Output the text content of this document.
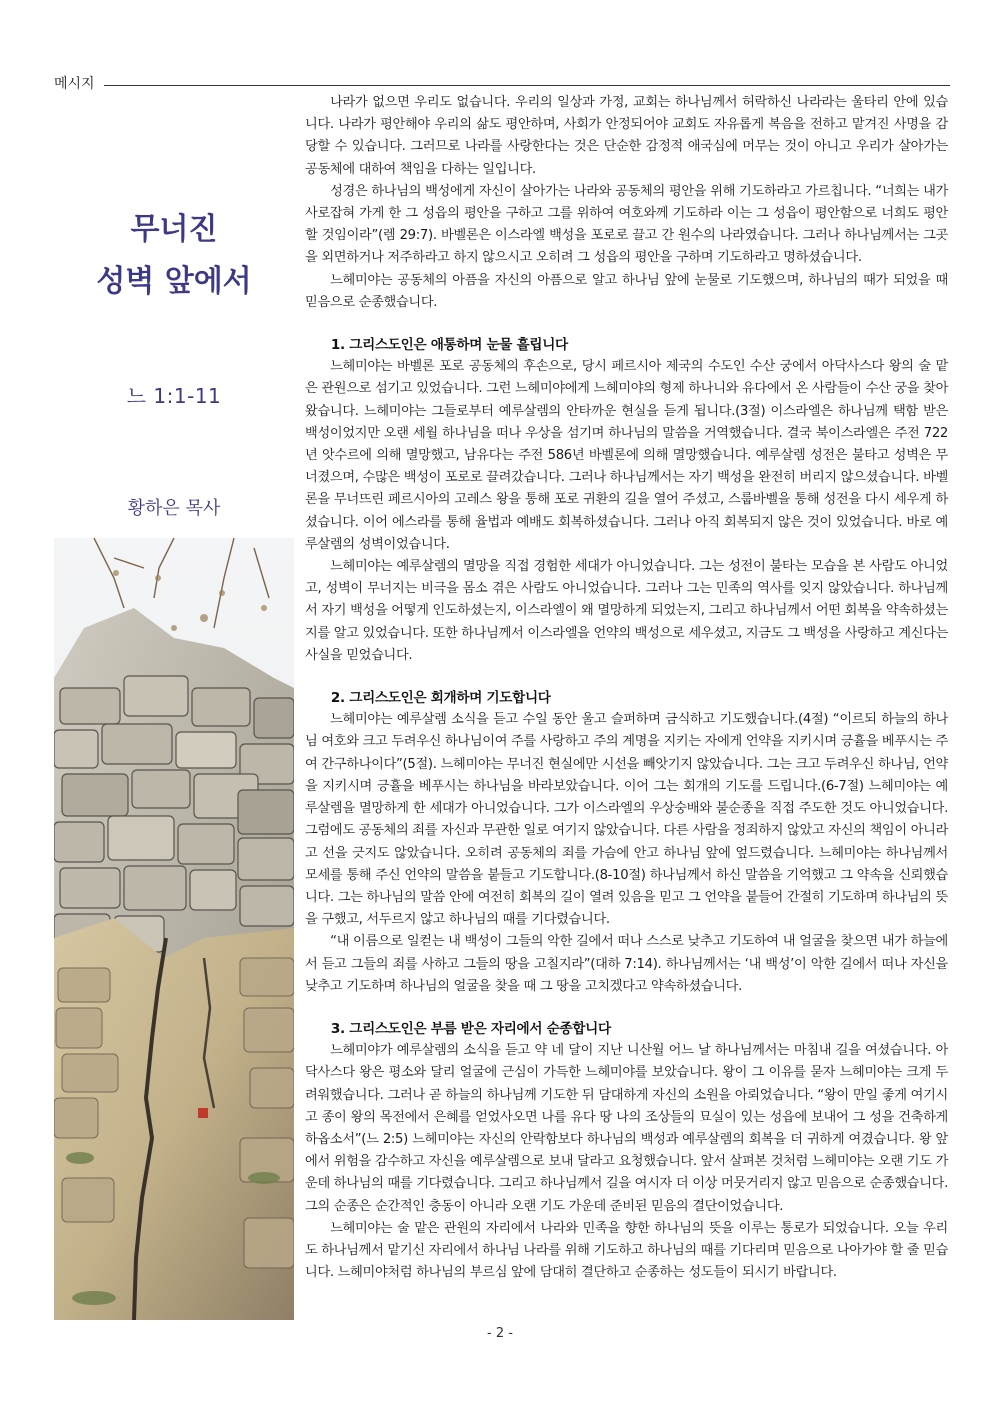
메시지
무너진
성벽 앞에서
느 1:1-11
황하은 목사

나라가 없으면 우리도 없습니다. 우리의 일상과 가정, 교회는 하나님께서 허락하신 나라라는 울타리 안에 있습니다. 나라가 평안해야 우리의 삶도 평안하며, 사회가 안정되어야 교회도 자유롭게 복음을 전하고 맡겨진 사명을 감당할 수 있습니다. 그러므로 나라를 사랑한다는 것은 단순한 감정적 애국심에 머무는 것이 아니고 우리가 살아가는 공동체에 대하여 책임을 다하는 일입니다.

성경은 하나님의 백성에게 자신이 살아가는 나라와 공동체의 평안을 위해 기도하라고 가르칩니다. “너희는 내가 사로잡혀 가게 한 그 성읍의 평안을 구하고 그를 위하여 여호와께 기도하라 이는 그 성읍이 평안함으로 너희도 평안할 것임이라”(렘 29:7). 바벨론은 이스라엘 백성을 포로로 끌고 간 원수의 나라였습니다. 그러나 하나님께서는 그곳을 외면하거나 저주하라고 하지 않으시고 오히려 그 성읍의 평안을 구하며 기도하라고 명하셨습니다.

느헤미야는 공동체의 아픔을 자신의 아픔으로 알고 하나님 앞에 눈물로 기도했으며, 하나님의 때가 되었을 때 믿음으로 순종했습니다.

1. 그리스도인은 애통하며 눈물 흘립니다

느헤미야는 바벨론 포로 공동체의 후손으로, 당시 페르시아 제국의 수도인 수산 궁에서 아닥사스다 왕의 술 맡은 관원으로 섬기고 있었습니다. 그런 느헤미야에게 느헤미야의 형제 하나니와 유다에서 온 사람들이 수산 궁을 찾아왔습니다. 느헤미야는 그들로부터 예루살렘의 안타까운 현실을 듣게 됩니다.(3절) 이스라엘은 하나님께 택함 받은 백성이었지만 오랜 세월 하나님을 떠나 우상을 섬기며 하나님의 말씀을 거역했습니다. 결국 북이스라엘은 주전 722년 앗수르에 의해 멸망했고, 남유다는 주전 586년 바벨론에 의해 멸망했습니다. 예루살렘 성전은 불타고 성벽은 무너졌으며, 수많은 백성이 포로로 끌려갔습니다. 그러나 하나님께서는 자기 백성을 완전히 버리지 않으셨습니다. 바벨론을 무너뜨린 페르시아의 고레스 왕을 통해 포로 귀환의 길을 열어 주셨고, 스룹바벨을 통해 성전을 다시 세우게 하셨습니다. 이어 에스라를 통해 율법과 예배도 회복하셨습니다. 그러나 아직 회복되지 않은 것이 있었습니다. 바로 예루살렘의 성벽이었습니다.

느헤미야는 예루살렘의 멸망을 직접 경험한 세대가 아니었습니다. 그는 성전이 불타는 모습을 본 사람도 아니었고, 성벽이 무너지는 비극을 몸소 겪은 사람도 아니었습니다. 그러나 그는 민족의 역사를 잊지 않았습니다. 하나님께서 자기 백성을 어떻게 인도하셨는지, 이스라엘이 왜 멸망하게 되었는지, 그리고 하나님께서 어떤 회복을 약속하셨는지를 알고 있었습니다. 또한 하나님께서 이스라엘을 언약의 백성으로 세우셨고, 지금도 그 백성을 사랑하고 계신다는 사실을 믿었습니다.

2. 그리스도인은 회개하며 기도합니다

느헤미야는 예루살렘 소식을 듣고 수일 동안 울고 슬퍼하며 금식하고 기도했습니다.(4절) “이르되 하늘의 하나님 여호와 크고 두려우신 하나님이여 주를 사랑하고 주의 계명을 지키는 자에게 언약을 지키시며 긍휼을 베푸시는 주여 간구하나이다”(5절). 느헤미야는 무너진 현실에만 시선을 빼앗기지 않았습니다. 그는 크고 두려우신 하나님, 언약을 지키시며 긍휼을 베푸시는 하나님을 바라보았습니다. 이어 그는 회개의 기도를 드립니다.(6-7절) 느헤미야는 예루살렘을 멸망하게 한 세대가 아니었습니다. 그가 이스라엘의 우상숭배와 불순종을 직접 주도한 것도 아니었습니다. 그럼에도 공동체의 죄를 자신과 무관한 일로 여기지 않았습니다. 다른 사람을 정죄하지 않았고 자신의 책임이 아니라고 선을 긋지도 않았습니다. 오히려 공동체의 죄를 가슴에 안고 하나님 앞에 엎드렸습니다. 느헤미야는 하나님께서 모세를 통해 주신 언약의 말씀을 붙들고 기도합니다.(8-10절) 하나님께서 하신 말씀을 기억했고 그 약속을 신뢰했습니다. 그는 하나님의 말씀 안에 여전히 회복의 길이 열려 있음을 믿고 그 언약을 붙들어 간절히 기도하며 하나님의 뜻을 구했고, 서두르지 않고 하나님의 때를 기다렸습니다.

“내 이름으로 일컫는 내 백성이 그들의 악한 길에서 떠나 스스로 낮추고 기도하여 내 얼굴을 찾으면 내가 하늘에서 듣고 그들의 죄를 사하고 그들의 땅을 고칠지라”(대하 7:14). 하나님께서는 ‘내 백성’이 악한 길에서 떠나 자신을 낮추고 기도하며 하나님의 얼굴을 찾을 때 그 땅을 고치겠다고 약속하셨습니다.

3. 그리스도인은 부름 받은 자리에서 순종합니다

느헤미야가 예루살렘의 소식을 듣고 약 네 달이 지난 니산월 어느 날 하나님께서는 마침내 길을 여셨습니다. 아닥사스다 왕은 평소와 달리 얼굴에 근심이 가득한 느헤미야를 보았습니다. 왕이 그 이유를 묻자 느헤미야는 크게 두려워했습니다. 그러나 곧 하늘의 하나님께 기도한 뒤 담대하게 자신의 소원을 아뢰었습니다. “왕이 만일 좋게 여기시고 종이 왕의 목전에서 은혜를 얻었사오면 나를 유다 땅 나의 조상들의 묘실이 있는 성읍에 보내어 그 성을 건축하게 하옵소서”(느 2:5) 느헤미야는 자신의 안락함보다 하나님의 백성과 예루살렘의 회복을 더 귀하게 여겼습니다. 왕 앞에서 위험을 감수하고 자신을 예루살렘으로 보내 달라고 요청했습니다. 앞서 살펴본 것처럼 느헤미야는 오랜 기도 가운데 하나님의 때를 기다렸습니다. 그리고 하나님께서 길을 여시자 더 이상 머뭇거리지 않고 믿음으로 순종했습니다. 그의 순종은 순간적인 충동이 아니라 오랜 기도 가운데 준비된 믿음의 결단이었습니다.

느헤미야는 술 맡은 관원의 자리에서 나라와 민족을 향한 하나님의 뜻을 이루는 통로가 되었습니다. 오늘 우리도 하나님께서 맡기신 자리에서 하나님 나라를 위해 기도하고 하나님의 때를 기다리며 믿음으로 나아가야 할 줄 믿습니다. 느헤미야처럼 하나님의 부르심 앞에 담대히 결단하고 순종하는 성도들이 되시기 바랍니다.

- 2 -
